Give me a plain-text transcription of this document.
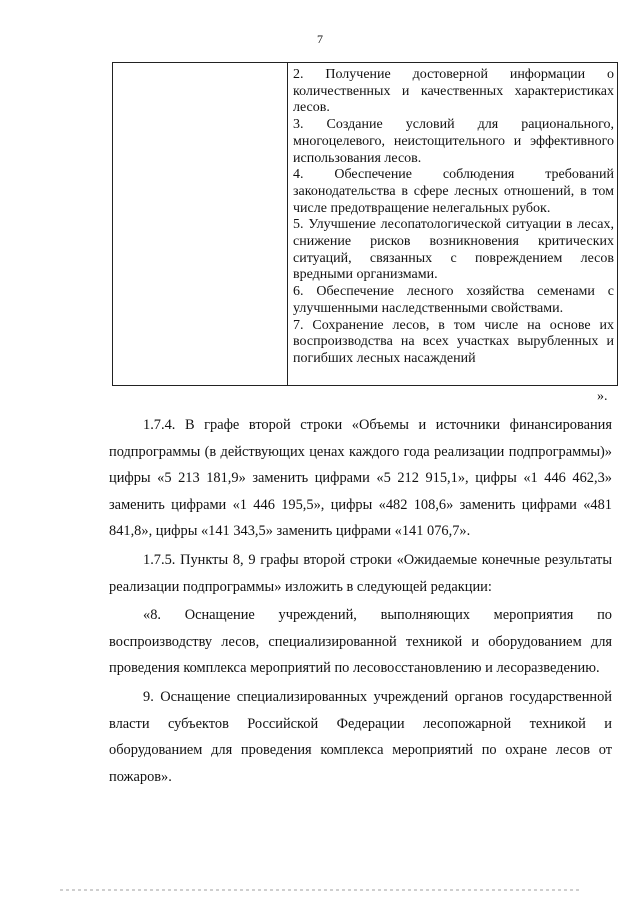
7
2. Получение достоверной информации о количественных и качественных характеристиках лесов.
3. Создание условий для рационального, многоцелевого, неистощительного и эффективного использования лесов.
4. Обеспечение соблюдения требований законодательства в сфере лесных отношений, в том числе предотвращение нелегальных рубок.
5. Улучшение лесопатологической ситуации в лесах, снижение рисков возникновения критических ситуаций, связанных с повреждением лесов вредными организмами.
6. Обеспечение лесного хозяйства семенами с улучшенными наследственными свойствами.
7. Сохранение лесов, в том числе на основе их воспроизводства на всех участках вырубленных и погибших лесных насаждений
».

1.7.4. В графе второй строки «Объемы и источники финансирования подпрограммы (в действующих ценах каждого года реализации подпрограммы)» цифры «5 213 181,9» заменить цифрами «5 212 915,1», цифры «1 446 462,3» заменить цифрами «1 446 195,5», цифры «482 108,6» заменить цифрами «481 841,8», цифры «141 343,5» заменить цифрами «141 076,7».

1.7.5. Пункты 8, 9 графы второй строки «Ожидаемые конечные результаты реализации подпрограммы» изложить в следующей редакции:

«8. Оснащение учреждений, выполняющих мероприятия по воспроизводству лесов, специализированной техникой и оборудованием для проведения комплекса мероприятий по лесовосстановлению и лесоразведению.

9. Оснащение специализированных учреждений органов государственной власти субъектов Российской Федерации лесопожарной техникой и оборудованием для проведения комплекса мероприятий по охране лесов от пожаров».
